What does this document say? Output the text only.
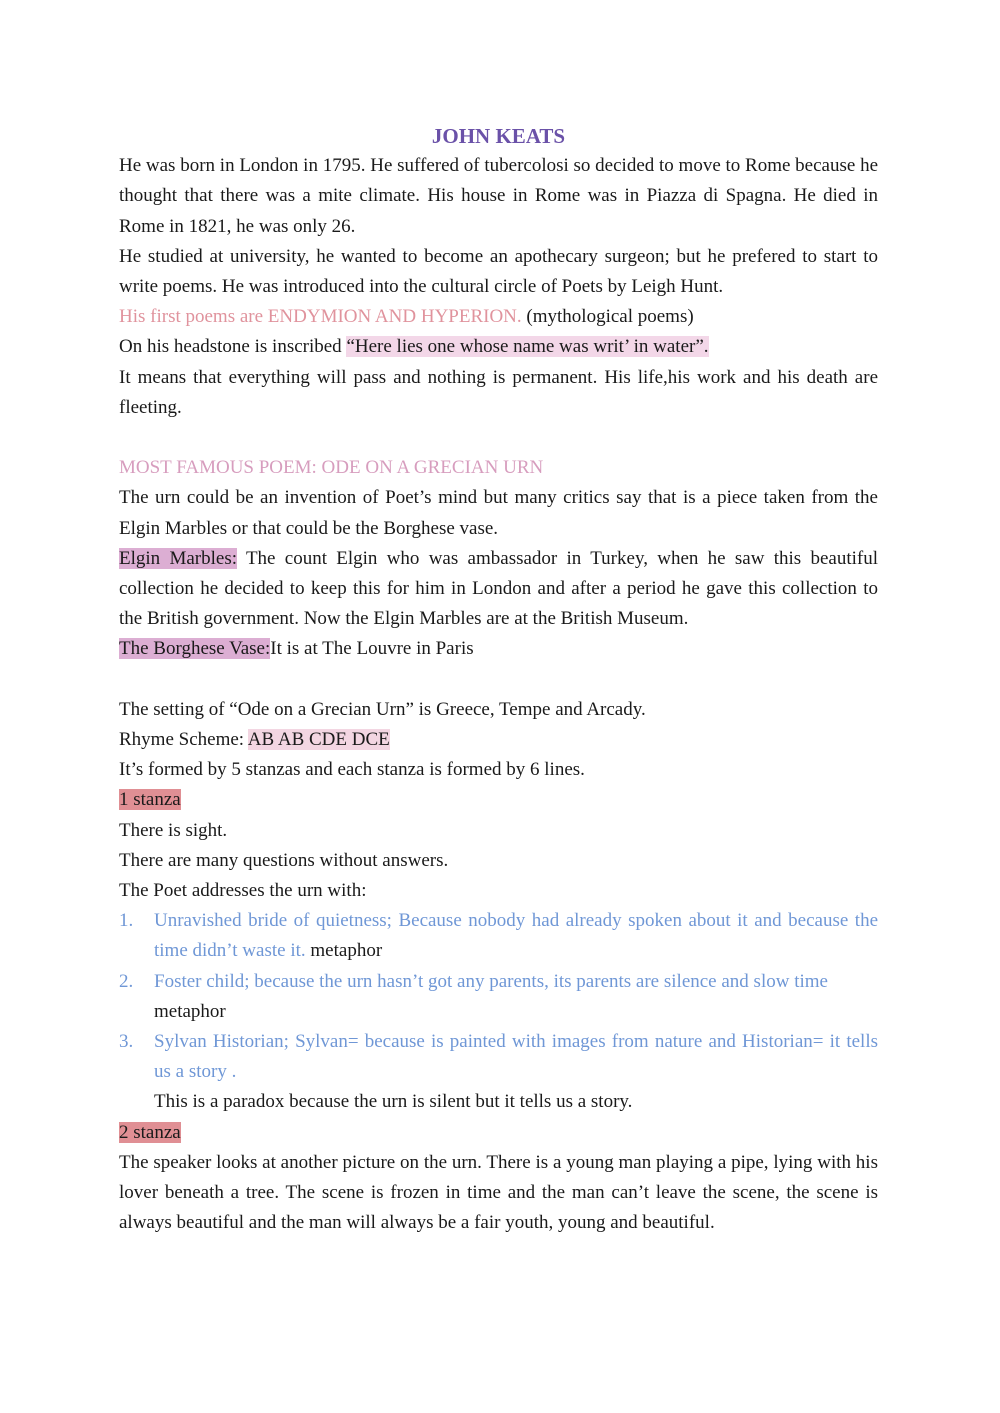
JOHN KEATS

He was born in London in 1795. He suffered of tubercolosi so decided to move to Rome because he thought that there was a mite climate. His house in Rome was in Piazza di Spagna. He died in Rome in 1821, he was only 26.

He studied at university, he wanted to become an apothecary surgeon; but he prefered to start to write poems. He was introduced into the cultural circle of Poets by Leigh Hunt.

His first poems are ENDYMION AND HYPERION. (mythological poems)

On his headstone is inscribed “Here lies one whose name was writ’ in water”.

It means that everything will pass and nothing is permanent. His life,his work and his death are fleeting.

MOST FAMOUS POEM: ODE ON A GRECIAN URN

The urn could be an invention of Poet’s mind but many critics say that is a piece taken from the Elgin Marbles or that could be the Borghese vase.

Elgin Marbles: The count Elgin who was ambassador in Turkey, when he saw this beautiful collection he decided to keep this for him in London and after a period he gave this collection to the British government. Now the Elgin Marbles are at the British Museum.

The Borghese Vase:It is at The Louvre in Paris

The setting of “Ode on a Grecian Urn” is Greece, Tempe and Arcady.

Rhyme Scheme: AB AB CDE DCE

It’s formed by 5 stanzas and each stanza is formed by 6 lines.

1 stanza

There is sight.

There are many questions without answers.

The Poet addresses the urn with:

1. Unravished bride of quietness; Because nobody had already spoken about it and because the time didn’t waste it. metaphor
2. Foster child; because the urn hasn’t got any parents, its parents are silence and slow time
metaphor
3. Sylvan Historian; Sylvan= because is painted with images from nature and Historian= it tells us a story .

This is a paradox because the urn is silent but it tells us a story.

2 stanza

The speaker looks at another picture on the urn. There is a young man playing a pipe, lying with his lover beneath a tree. The scene is frozen in time and the man can’t leave the scene, the scene is always beautiful and the man will always be a fair youth, young and beautiful.
